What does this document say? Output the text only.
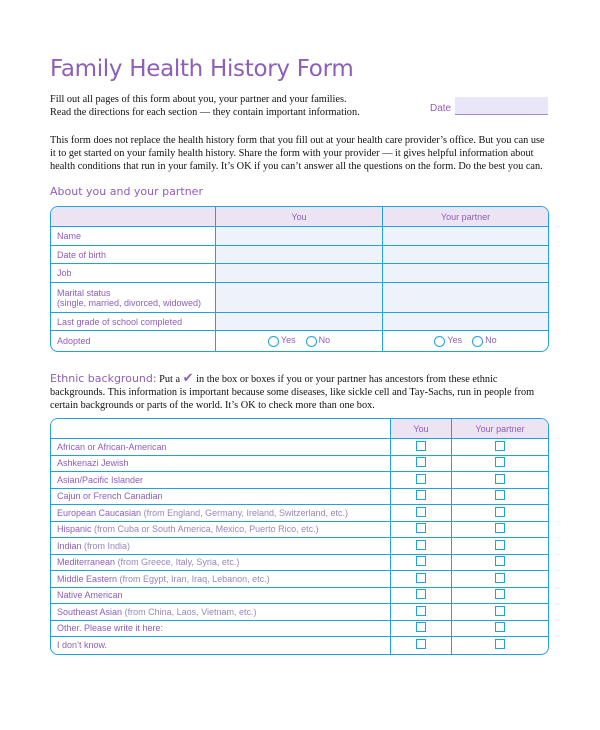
Family Health History Form
Fill out all pages of this form about you, your partner and your families.
Read the directions for each section — they contain important information.	Date
This form does not replace the health history form that you fill out at your health care provider’s office. But you can use it to get started on your family health history. Share the form with your provider — it gives helpful information about health conditions that run in your family. It’s OK if you can’t answer all the questions on the form. Do the best you can.
About you and your partner
	You	Your partner
Name		
Date of birth		
Job		

Marital status
(single, married, divorced, widowed)		

Last grade of school completed		
Adopted	Yes No	Yes No
Ethnic background: Put a ✔ in the box or boxes if you or your partner has ancestors from these ethnic backgrounds. This information is important because some diseases, like sickle cell and Tay-Sachs, run in people from certain backgrounds or parts of the world. It’s OK to check more than one box.
	You	Your partner
African or African-American		
Ashkenazi Jewish		
Asian/Pacific Islander		
Cajun or French Canadian		
European Caucasian (from England, Germany, Ireland, Switzerland, etc.)		
Hispanic (from Cuba or South America, Mexico, Puerto Rico, etc.)		
Indian (from India)		
Mediterranean (from Greece, Italy, Syria, etc.)		
Middle Eastern (from Egypt, Iran, Iraq, Lebanon, etc.)		
Native American		
Southeast Asian (from China, Laos, Vietnam, etc.)		
Other. Please write it here:		
I don’t know.		
